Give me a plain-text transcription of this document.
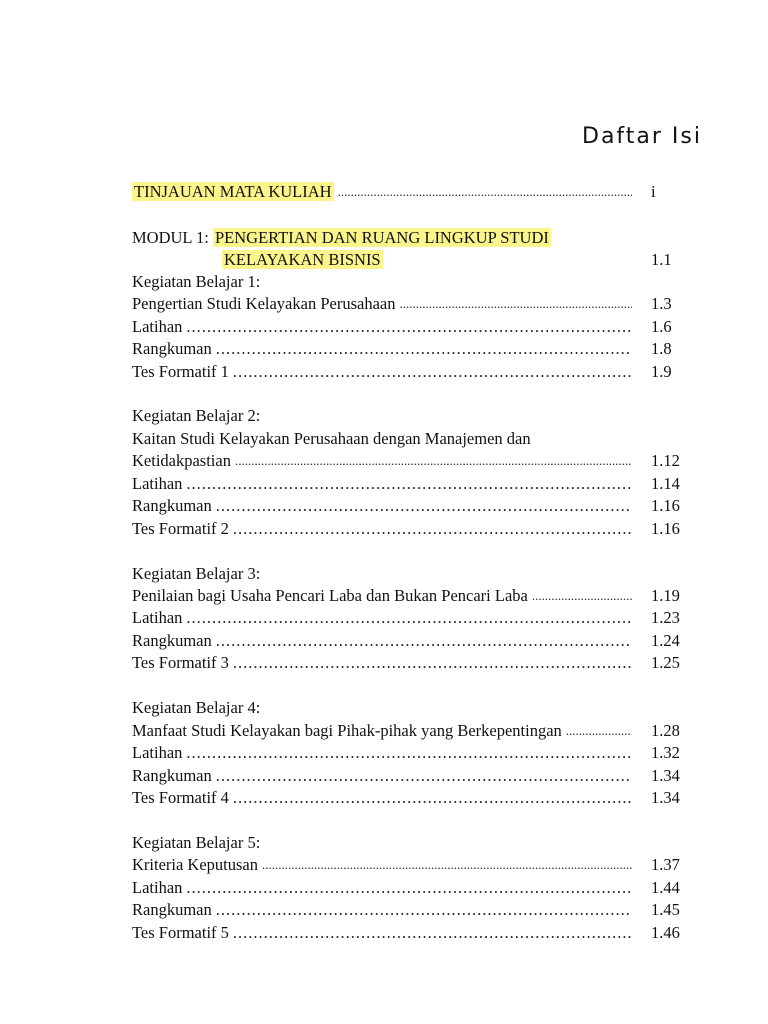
Daftar Isi
TINJAUAN MATA KULIAH .....	i
MODUL 1: PENGERTIAN DAN RUANG LINGKUP STUDI
KELAYAKAN BISNIS	1.1
Kegiatan Belajar 1:
Pengertian Studi Kelayakan Perusahaan .....	1.3
Latihan .....	1.6
Rangkuman .....	1.8
Tes Formatif 1 .....	1.9
Kegiatan Belajar 2:
Kaitan Studi Kelayakan Perusahaan dengan Manajemen dan
Ketidakpastian .....	1.12
Latihan .....	1.14
Rangkuman .....	1.16
Tes Formatif 2 .....	1.16
Kegiatan Belajar 3:
Penilaian bagi Usaha Pencari Laba dan Bukan Pencari Laba .....	1.19
Latihan .....	1.23
Rangkuman .....	1.24
Tes Formatif 3 .....	1.25
Kegiatan Belajar 4:
Manfaat Studi Kelayakan bagi Pihak-pihak yang Berkepentingan .....	1.28
Latihan .....	1.32
Rangkuman .....	1.34
Tes Formatif 4 .....	1.34
Kegiatan Belajar 5:
Kriteria Keputusan .....	1.37
Latihan .....	1.44
Rangkuman .....	1.45
Tes Formatif 5 .....	1.46
